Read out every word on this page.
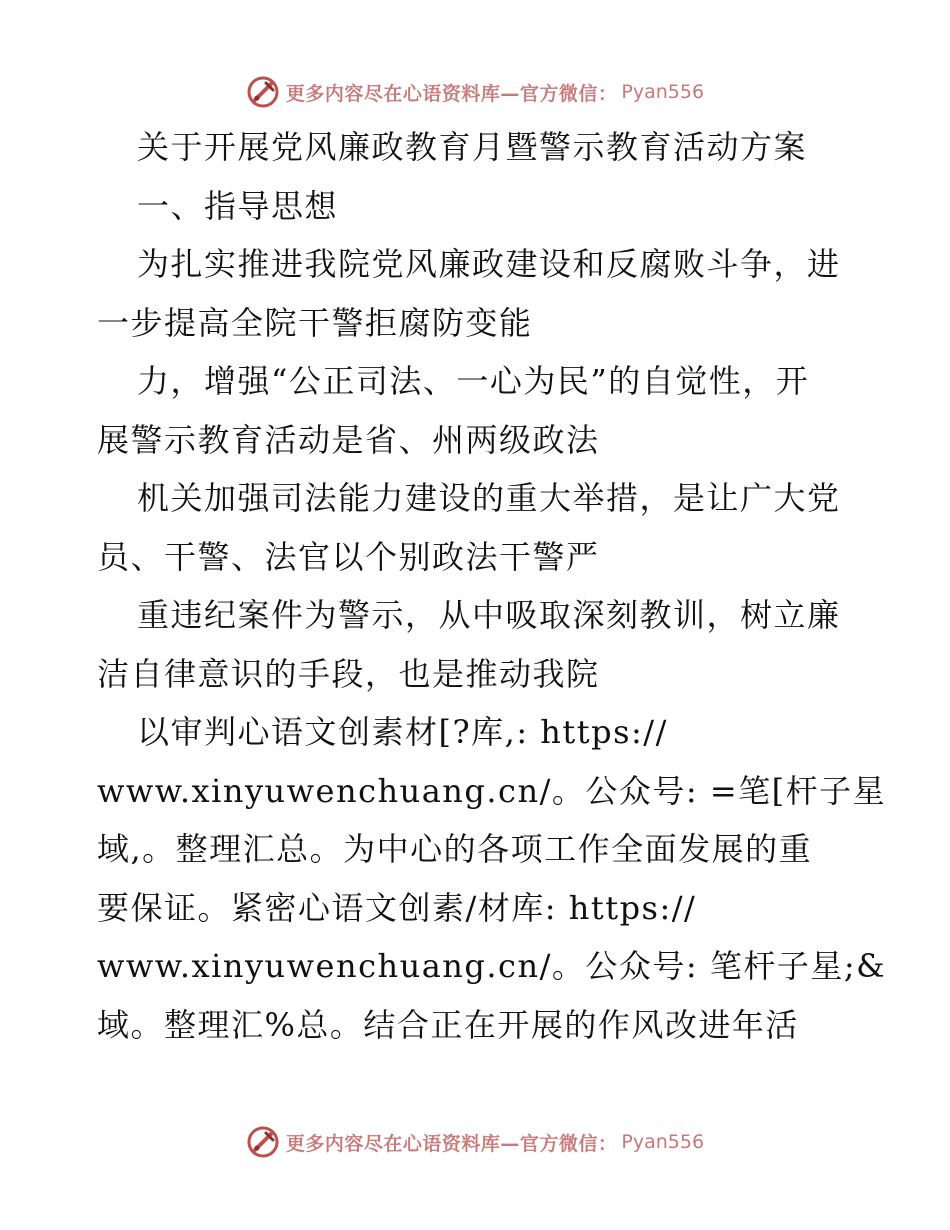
更多内容尽在心语资料库—官方微信： Pyan556
关于开展党风廉政教育月暨警示教育活动方案
一、指导思想
为扎实推进我院党风廉政建设和反腐败斗争，进
一步提高全院干警拒腐防变能
力，增强“公正司法、一心为民”的自觉性，开
展警示教育活动是省、州两级政法
机关加强司法能力建设的重大举措，是让广大党
员、干警、法官以个别政法干警严
重违纪案件为警示，从中吸取深刻教训，树立廉
洁自律意识的手段，也是推动我院
以审判心语文创素材[?库,: https://
www.xinyuwenchuang.cn/。公众号: =笔[杆子星
域,。整理汇总。为中心的各项工作全面发展的重
要保证。紧密心语文创素/材库: https://
www.xinyuwenchuang.cn/。公众号: 笔杆子星;&
域。整理汇%总。结合正在开展的作风改进年活
更多内容尽在心语资料库—官方微信： Pyan556
